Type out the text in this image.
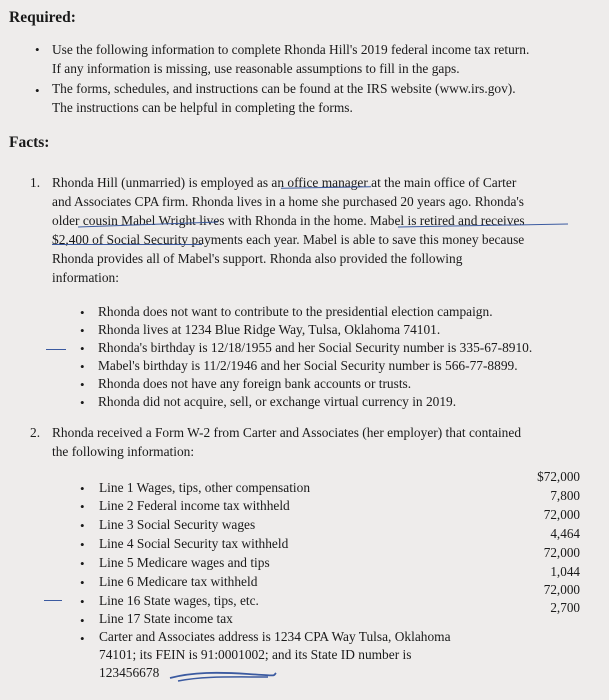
Required:
• Use the following information to complete Rhonda Hill's 2019 federal income tax return.
If any information is missing, use reasonable assumptions to fill in the gaps.
• The forms, schedules, and instructions can be found at the IRS website (www.irs.gov).
The instructions can be helpful in completing the forms.
Facts:
1. Rhonda Hill (unmarried) is employed as an office manager at the main office of Carter
and Associates CPA firm. Rhonda lives in a home she purchased 20 years ago. Rhonda's
older cousin Mabel Wright lives with Rhonda in the home. Mabel is retired and receives
$2,400 of Social Security payments each year. Mabel is able to save this money because
Rhonda provides all of Mabel's support. Rhonda also provided the following
information:
• Rhonda does not want to contribute to the presidential election campaign.
• Rhonda lives at 1234 Blue Ridge Way, Tulsa, Oklahoma 74101.
• Rhonda's birthday is 12/18/1955 and her Social Security number is 335-67-8910.
• Mabel's birthday is 11/2/1946 and her Social Security number is 566-77-8899.
• Rhonda does not have any foreign bank accounts or trusts.
• Rhonda did not acquire, sell, or exchange virtual currency in 2019.
2. Rhonda received a Form W-2 from Carter and Associates (her employer) that contained
the following information:
• Line 1 Wages, tips, other compensation
• Line 2 Federal income tax withheld
• Line 3 Social Security wages
• Line 4 Social Security tax withheld
• Line 5 Medicare wages and tips
• Line 6 Medicare tax withheld
• Line 16 State wages, tips, etc.
• Line 17 State income tax
$72,000
7,800
72,000
4,464
72,000
1,044
72,000
2,700
• Carter and Associates address is 1234 CPA Way Tulsa, Oklahoma
74101; its FEIN is 91:0001002; and its State ID number is
123456678
